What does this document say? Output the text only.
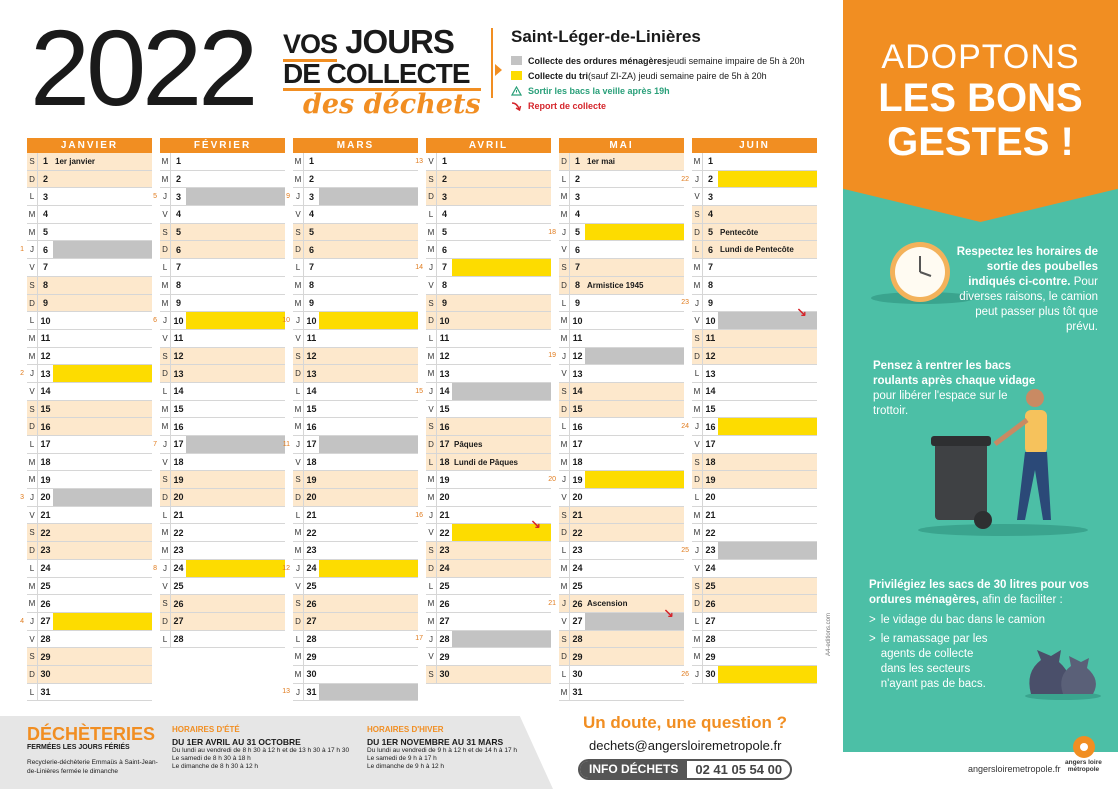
2022 VOS JOURS
DE COLLECTE
des déchets
Saint-Léger-de-Linières
Collecte des ordures ménagères jeudi semaine impaire de 5h à 20h
Collecte du tri (sauf ZI-ZA) jeudi semaine paire de 5h à 20h
Sortir les bacs la veille après 19h
Report de collecte
JANVIER
S 1 1er janvier
D 2
L 3
M 4
M 5
1 J 6
V 7
S 8
D 9
L 10
M 11
M 12
2 J 13
V 14
S 15
D 16
L 17
M 18
M 19
3 J 20
V 21
S 22
D 23
L 24
M 25
M 26
4 J 27
V 28
S 29
D 30
L 31
FÉVRIER
M 1
M 2
5 J 3
V 4
S 5
D 6
L 7
M 8
M 9
6 J 10
V 11
S 12
D 13
L 14
M 15
M 16
7 J 17
V 18
S 19
D 20
L 21
M 22
M 23
8 J 24
V 25
S 26
D 27
L 28
MARS
M 1
M 2
9 J 3
V 4
S 5
D 6
L 7
M 8
M 9
10 J 10
V 11
S 12
D 13
L 14
M 15
M 16
11 J 17
V 18
S 19
D 20
L 21
M 22
M 23
12 J 24
V 25
S 26
D 27
L 28
M 29
M 30
13 J 31
AVRIL
13 V 1
S 2
D 3
L 4
M 5
M 6
14 J 7
V 8
S 9
D 10
L 11
M 12
M 13
15 J 14
V 15
S 16
D 17 Pâques
L 18 Lundi de Pâques
M 19
M 20
16 J 21
V 22
↘
S 23
D 24
L 25
M 26
M 27
17 J 28
V 29
S 30
MAI
D 1 1er mai
L 2
M 3
M 4
18 J 5
V 6
S 7
D 8 Armistice 1945
L 9
M 10
M 11
19 J 12
V 13
S 14
D 15
L 16
M 17
M 18
20 J 19
V 20
S 21
D 22
L 23
M 24
M 25
21 J 26 Ascension
V 27
↘
S 28
D 29
L 30
M 31
JUIN
M 1
22 J 2
V 3
S 4
D 5 Pentecôte
L 6 Lundi de Pentecôte
M 7
M 8
23 J 9
V 10
↘
S 11
D 12
L 13
M 14
M 15
24 J 16
V 17
S 18
D 19
L 20
M 21
M 22
25 J 23
V 24
S 25
D 26
L 27
M 28
M 29
26 J 30
DÉCHÈTERIES
FERMÉES LES JOURS FÉRIÉS
Recyclerie-déchèterie Emmaüs à Saint-Jean-de-Linières fermée le dimanche
HORAIRES D'ÉTÉ
DU 1ER AVRIL AU 31 OCTOBRE
Du lundi au vendredi de 8 h 30 à 12 h et de 13 h 30 à 17 h 30
Le samedi de 8 h 30 à 18 h
Le dimanche de 8 h 30 à 12 h
HORAIRES D'HIVER
DU 1ER NOVEMBRE AU 31 MARS
Du lundi au vendredi de 9 h à 12 h et de 14 h à 17 h
Le samedi de 9 h à 17 h
Le dimanche de 9 h à 12 h
Un doute, une question ?
dechets@angersloiremetropole.fr
INFO DÉCHETS	02 41 05 54 00
A4-editions.com
ADOPTONS
LES BONS
GESTES !
Respectez les horaires de sortie des poubelles indiqués ci-contre. Pour diverses raisons, le camion peut passer plus tôt que prévu.
Pensez à rentrer les bacs roulants après chaque vidage pour libérer l'espace sur le trottoir.
Privilégiez les sacs de 30 litres pour vos ordures ménagères, afin de faciliter :
> le vidage du bac dans le camion
> le ramassage par les agents de collecte dans les secteurs n'ayant pas de bacs.
angersloiremetropole.fr
angers loire
métropole
